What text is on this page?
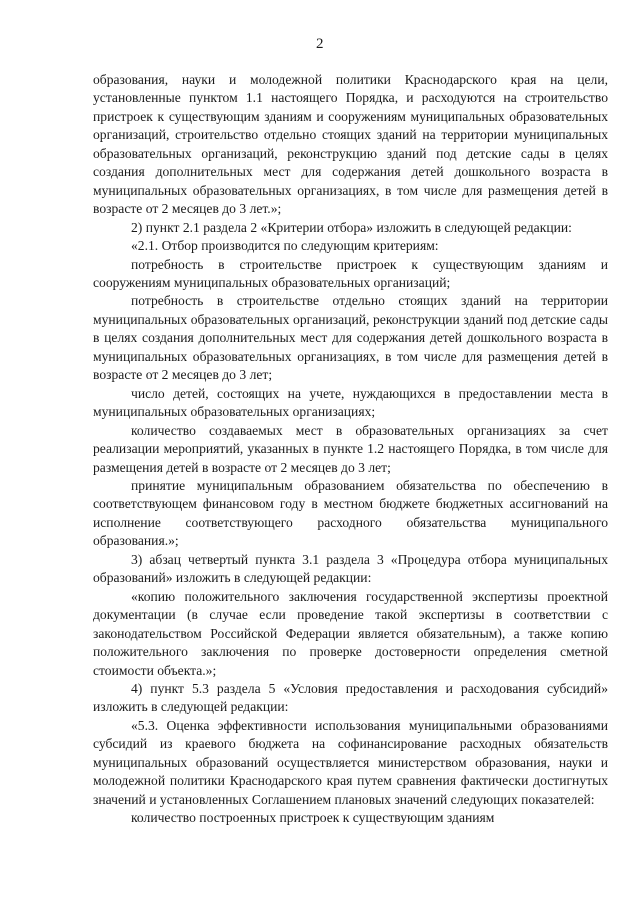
2

образования, науки и молодежной политики Краснодарского края на цели, установленные пунктом 1.1 настоящего Порядка, и расходуются на строительство пристроек к существующим зданиям и сооружениям муниципальных образовательных организаций, строительство отдельно стоящих зданий на территории муниципальных образовательных организаций, реконструкцию зданий под детские сады в целях создания дополнительных мест для содержания детей дошкольного возраста в муниципальных образовательных организациях, в том числе для размещения детей в возрасте от 2 месяцев до 3 лет.»;

2) пункт 2.1 раздела 2 «Критерии отбора» изложить в следующей редакции:

«2.1. Отбор производится по следующим критериям:

потребность в строительстве пристроек к существующим зданиям и сооружениям муниципальных образовательных организаций;

потребность в строительстве отдельно стоящих зданий на территории муниципальных образовательных организаций, реконструкции зданий под детские сады в целях создания дополнительных мест для содержания детей дошкольного возраста в муниципальных образовательных организациях, в том числе для размещения детей в возрасте от 2 месяцев до 3 лет;

число детей, состоящих на учете, нуждающихся в предоставлении места в муниципальных образовательных организациях;

количество создаваемых мест в образовательных организациях за счет реализации мероприятий, указанных в пункте 1.2 настоящего Порядка, в том числе для размещения детей в возрасте от 2 месяцев до 3 лет;

принятие муниципальным образованием обязательства по обеспечению в соответствующем финансовом году в местном бюджете бюджетных ассигнований на исполнение соответствующего расходного обязательства муниципального образования.»;

3) абзац четвертый пункта 3.1 раздела 3 «Процедура отбора муниципальных образований» изложить в следующей редакции:

«копию положительного заключения государственной экспертизы проектной документации (в случае если проведение такой экспертизы в соответствии с законодательством Российской Федерации является обязательным), а также копию положительного заключения по проверке достоверности определения сметной стоимости объекта.»;

4) пункт 5.3 раздела 5 «Условия предоставления и расходования субсидий» изложить в следующей редакции:

«5.3. Оценка эффективности использования муниципальными образованиями субсидий из краевого бюджета на софинансирование расходных обязательств муниципальных образований осуществляется министерством образования, науки и молодежной политики Краснодарского края путем сравнения фактически достигнутых значений и установленных Соглашением плановых значений следующих показателей:

количество построенных пристроек к существующим зданиям
